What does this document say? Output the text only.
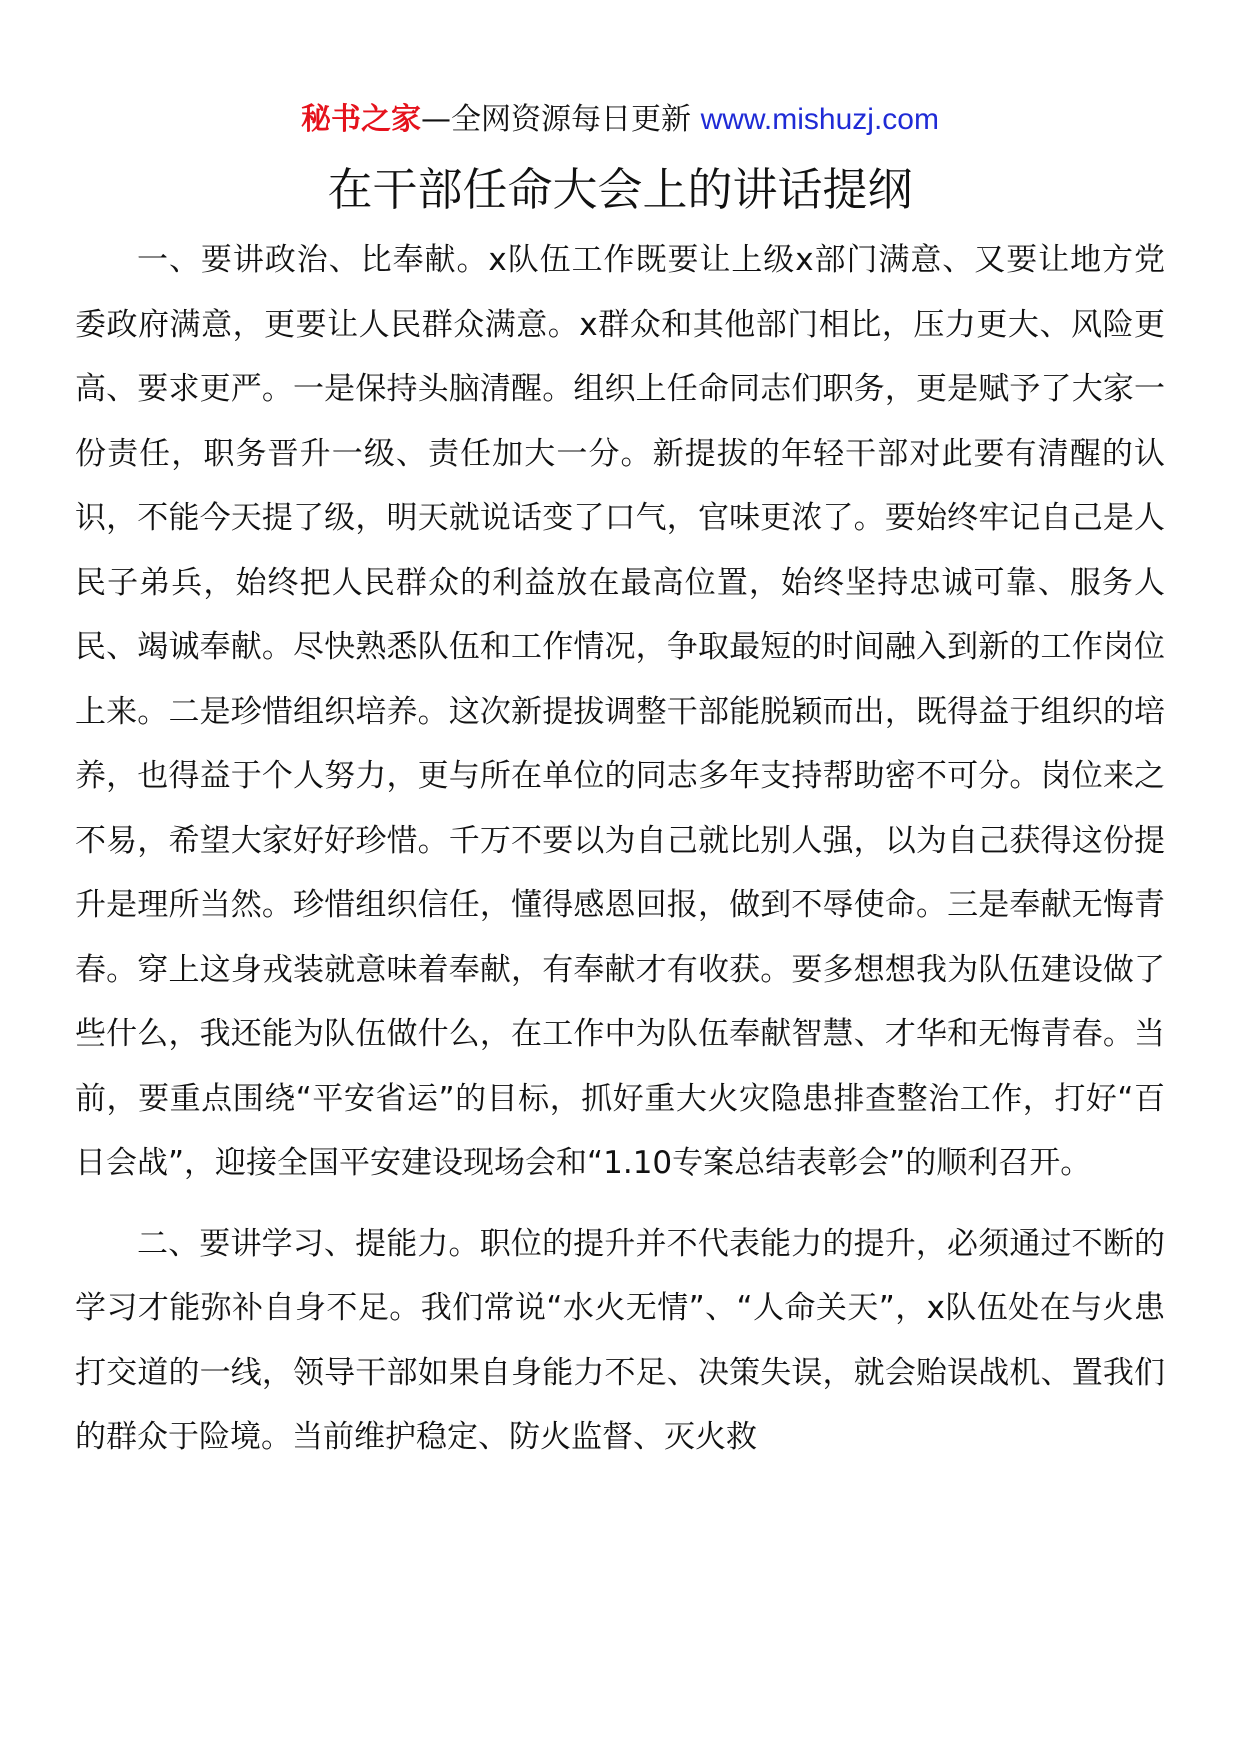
秘书之家—全网资源每日更新 www.mishuzj.com
在干部任命大会上的讲话提纲

一、要讲政治、比奉献。x队伍工作既要让上级x部门满意、又要让地方党委政府满意，更要让人民群众满意。x群众和其他部门相比，压力更大、风险更高、要求更严。一是保持头脑清醒。组织上任命同志们职务，更是赋予了大家一份责任，职务晋升一级、责任加大一分。新提拔的年轻干部对此要有清醒的认识，不能今天提了级，明天就说话变了口气，官味更浓了。要始终牢记自己是人民子弟兵，始终把人民群众的利益放在最高位置，始终坚持忠诚可靠、服务人民、竭诚奉献。尽快熟悉队伍和工作情况，争取最短的时间融入到新的工作岗位上来。二是珍惜组织培养。这次新提拔调整干部能脱颖而出，既得益于组织的培养，也得益于个人努力，更与所在单位的同志多年支持帮助密不可分。岗位来之不易，希望大家好好珍惜。千万不要以为自己就比别人强，以为自己获得这份提升是理所当然。珍惜组织信任，懂得感恩回报，做到不辱使命。三是奉献无悔青春。穿上这身戎装就意味着奉献，有奉献才有收获。要多想想我为队伍建设做了些什么，我还能为队伍做什么，在工作中为队伍奉献智慧、才华和无悔青春。当前，要重点围绕“平安省运”的目标，抓好重大火灾隐患排查整治工作，打好“百日会战”，迎接全国平安建设现场会和“1.10专案总结表彰会”的顺利召开。

二、要讲学习、提能力。职位的提升并不代表能力的提升，必须通过不断的学习才能弥补自身不足。我们常说“水火无情”、“人命关天”，x队伍处在与火患打交道的一线，领导干部如果自身能力不足、决策失误，就会贻误战机、置我们的群众于险境。当前维护稳定、防火监督、灭火救
